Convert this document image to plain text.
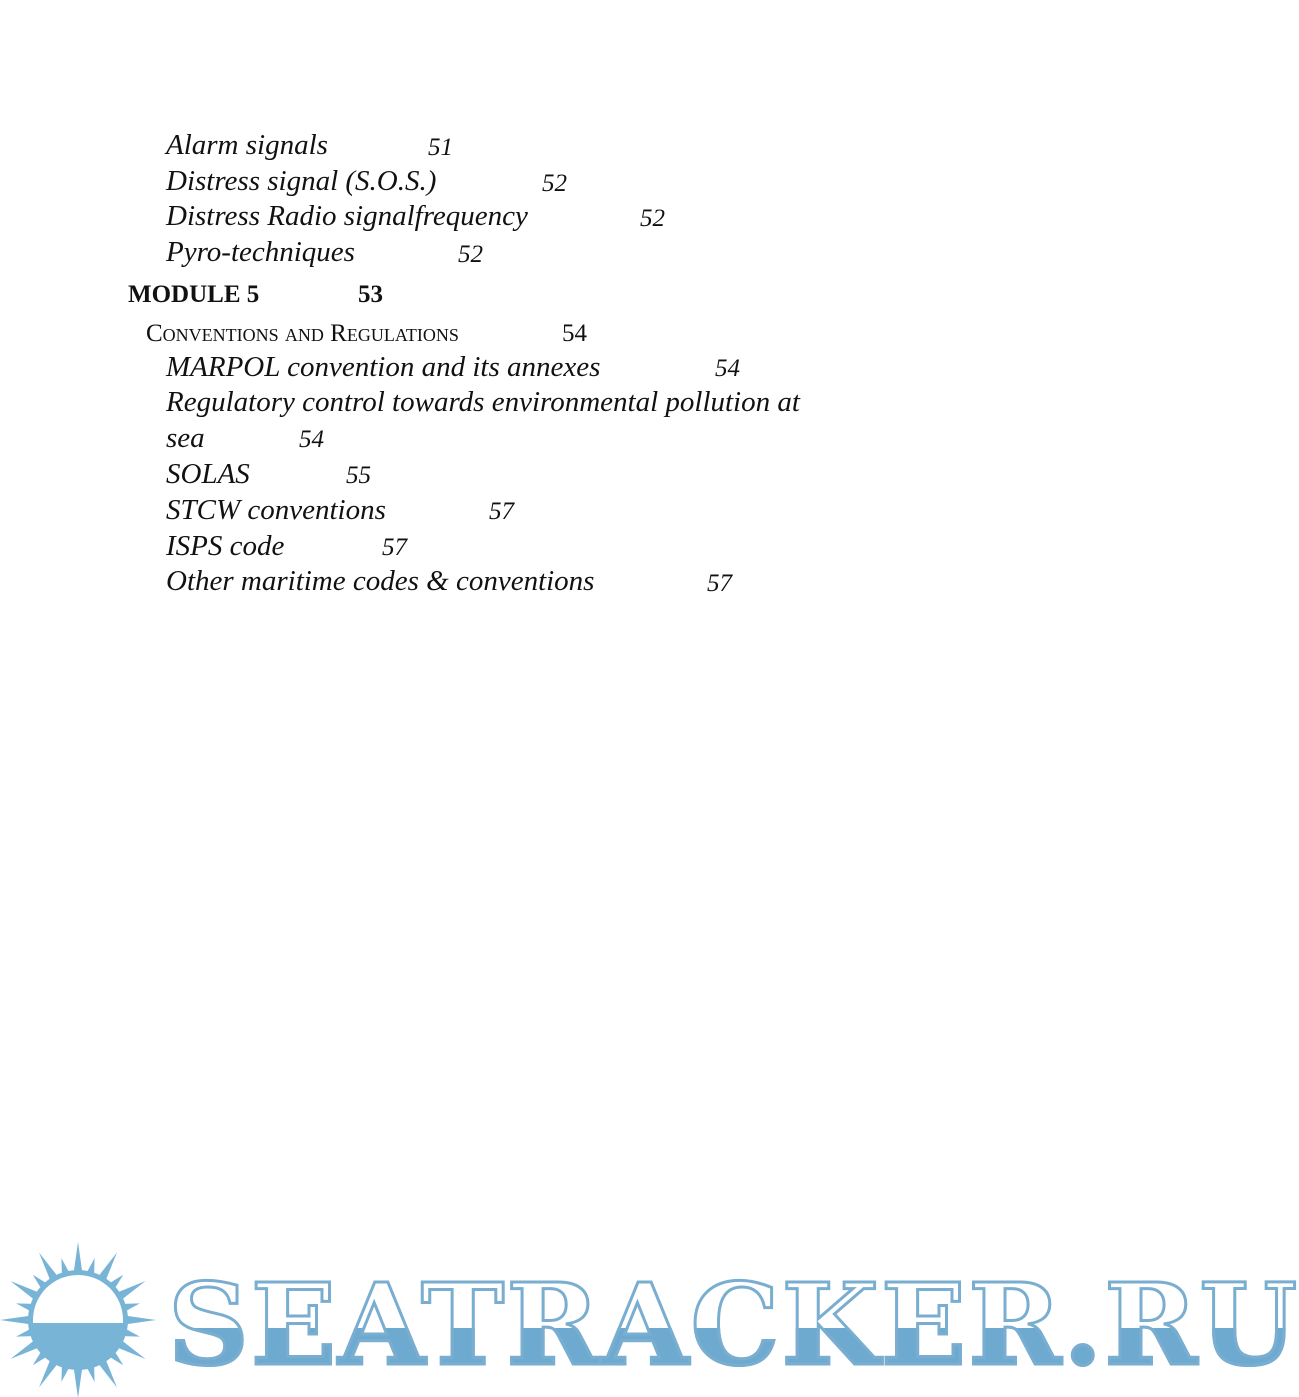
Alarm signals	51
Distress signal (S.O.S.)	52
Distress Radio signalfrequency	52
Pyro-techniques	52
MODULE 5	53
Conventions and Regulations	54
MARPOL convention and its annexes	54
Regulatory control towards environmental pollution at
sea	54
SOLAS	55
STCW conventions	57
ISPS code	57
Other maritime codes & conventions	57
SEATRACKER.RU
